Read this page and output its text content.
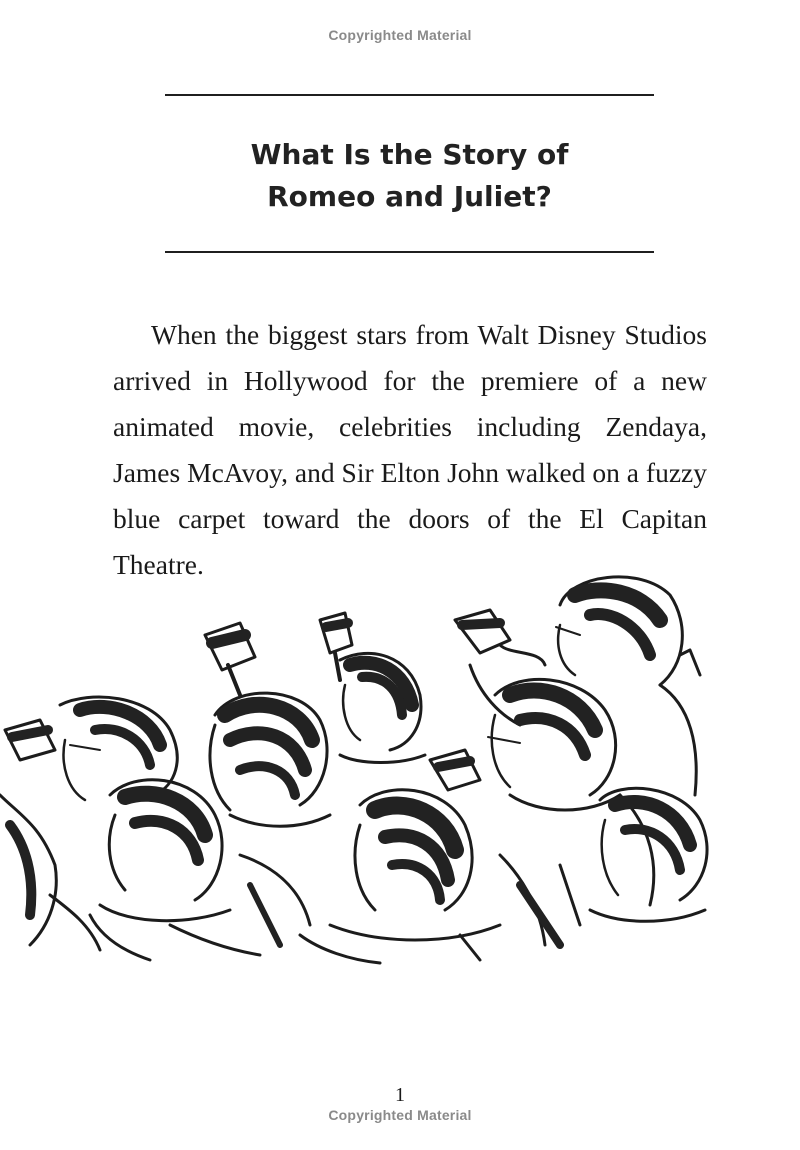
Copyrighted Material
What Is the Story of
Romeo and Juliet?

When the biggest stars from Walt Disney Studios arrived in Hollywood for the premiere of a new animated movie, celebrities including Zendaya, James McAvoy, and Sir Elton John walked on a fuzzy blue carpet toward the doors of the El Capitan Theatre.

1
Copyrighted Material
